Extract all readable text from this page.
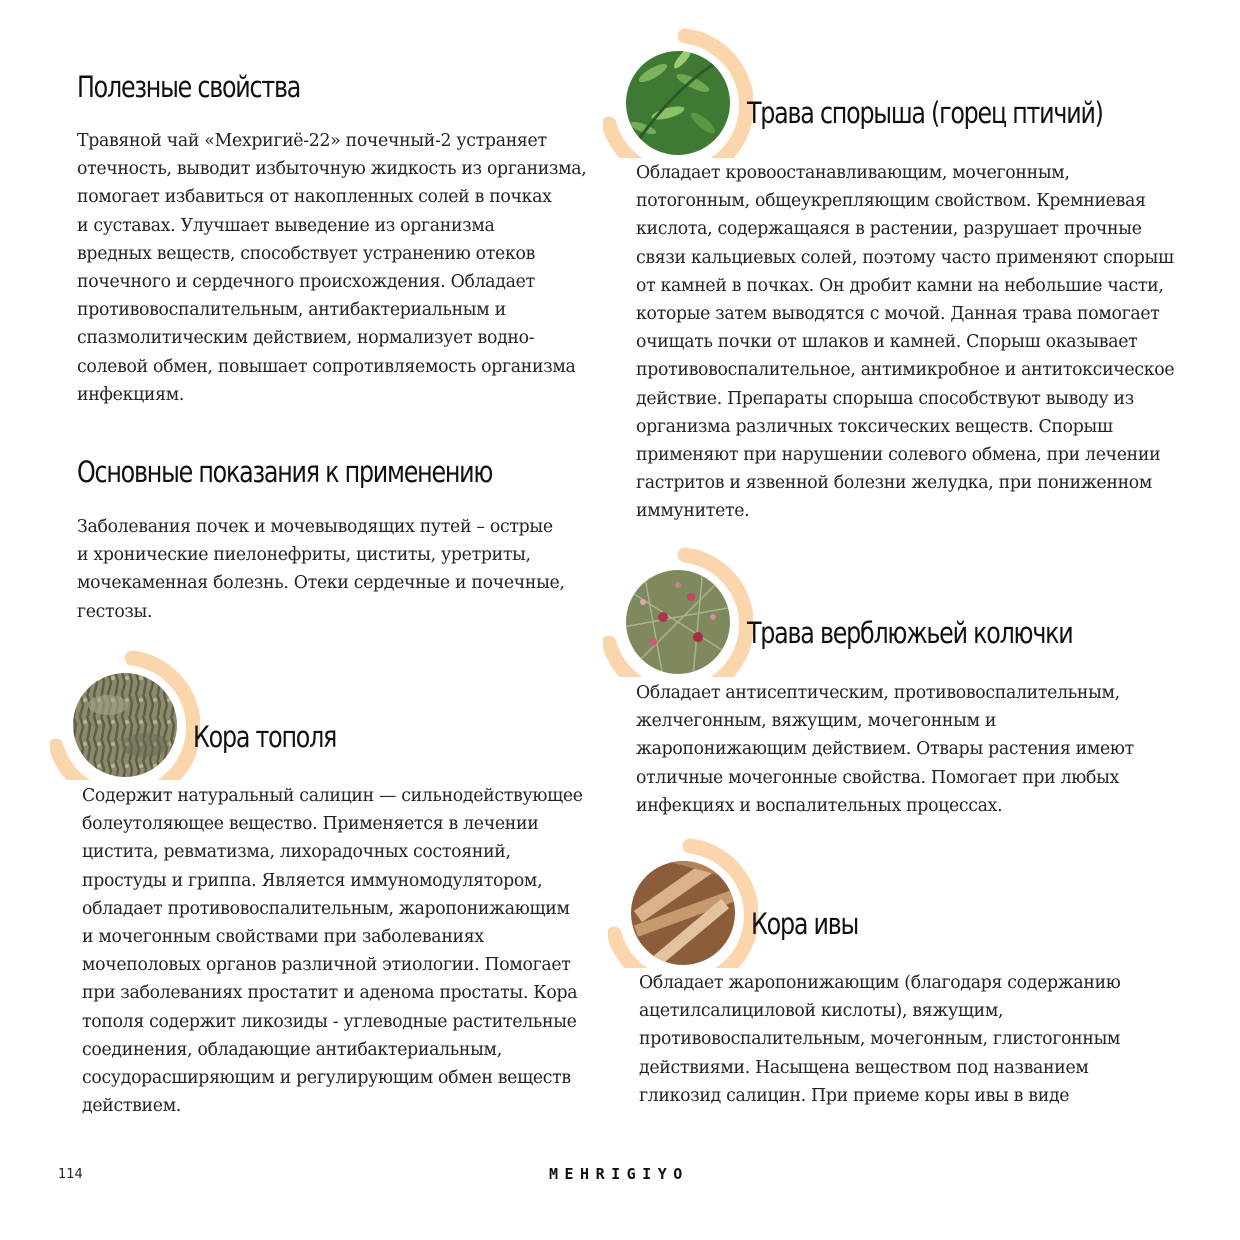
Полезные свойства
Травяной чай «Мехригиё-22» почечный-2 устраняет
отечность, выводит избыточную жидкость из организма,
помогает избавиться от накопленных солей в почках
и суставах. Улучшает выведение из организма
вредных веществ, способствует устранению отеков
почечного и сердечного происхождения. Обладает
противовоспалительным, антибактериальным и
спазмолитическим действием, нормализует водно-
солевой обмен, повышает сопротивляемость организма
инфекциям.
Основные показания к применению
Заболевания почек и мочевыводящих путей – острые
и хронические пиелонефриты, циститы, уретриты,
мочекаменная болезнь. Отеки сердечные и почечные,
гестозы.
Кора тополя
Содержит натуральный салицин — сильнодействующее
болеутоляющее вещество. Применяется в лечении
цистита, ревматизма, лихорадочных состояний,
простуды и гриппа. Является иммуномодулятором,
обладает противовоспалительным, жаропонижающим
и мочегонным свойствами при заболеваниях
мочеполовых органов различной этиологии. Помогает
при заболеваниях простатит и аденома простаты. Кора
тополя содержит ликозиды - углеводные растительные
соединения, обладающие антибактериальным,
сосудорасширяющим и регулирующим обмен веществ
действием.
Трава спорыша (горец птичий)
Обладает кровоостанавливающим, мочегонным,
потогонным, общеукрепляющим свойством. Кремниевая
кислота, содержащаяся в растении, разрушает прочные
связи кальциевых солей, поэтому часто применяют спорыш
от камней в почках. Он дробит камни на небольшие части,
которые затем выводятся с мочой. Данная трава помогает
очищать почки от шлаков и камней. Спорыш оказывает
противовоспалительное, антимикробное и антитоксическое
действие. Препараты спорыша способствуют выводу из
организма различных токсических веществ. Спорыш
применяют при нарушении солевого обмена, при лечении
гастритов и язвенной болезни желудка, при пониженном
иммунитете.
Трава верблюжьей колючки
Обладает антисептическим, противовоспалительным,
желчегонным, вяжущим, мочегонным и
жаропонижающим действием. Отвары растения имеют
отличные мочегонные свойства. Помогает при любых
инфекциях и воспалительных процессах.
Кора ивы
Обладает жаропонижающим (благодаря содержанию
ацетилсалициловой кислоты), вяжущим,
противовоспалительным, мочегонным, глистогонным
действиями. Насыщена веществом под названием
гликозид салицин. При приеме коры ивы в виде
114	MEHRIGIYO
